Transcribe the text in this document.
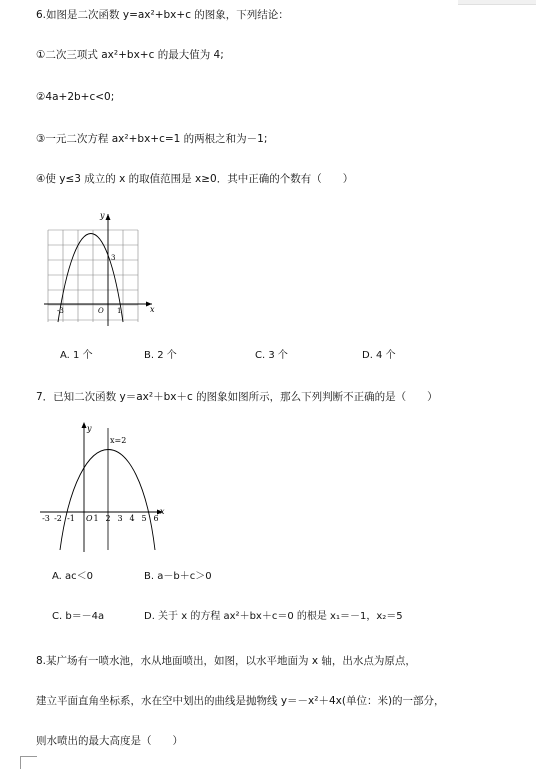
6.如图是二次函数 y=ax²+bx+c 的图象，下列结论：
①二次三项式 ax²+bx+c 的最大值为 4;
②4a+2b+c<0;
③一元二次方程 ax²+bx+c=1 的两根之和为－1;
④使 y≤3 成立的 x 的取值范围是 x≥0．其中正确的个数有（　　）
y
x
3
-3	O 1
A. 1 个	B. 2 个	C. 3 个	D. 4 个
7．已知二次函数 y＝ax²＋bx＋c 的图象如图所示，那么下列判断不正确的是（　　）
y
x=2
x
O
-3 -2 -1 1 2 3 4 5 6
A. ac＜0	B. a－b＋c＞0
C. b＝－4a	D. 关于 x 的方程 ax²＋bx＋c＝0 的根是 x₁＝－1，x₂＝5
8.某广场有一喷水池，水从地面喷出，如图，以水平地面为 x 轴，出水点为原点，
建立平面直角坐标系，水在空中划出的曲线是抛物线 y＝－x²＋4x(单位：米)的一部分，
则水喷出的最大高度是（　　）
